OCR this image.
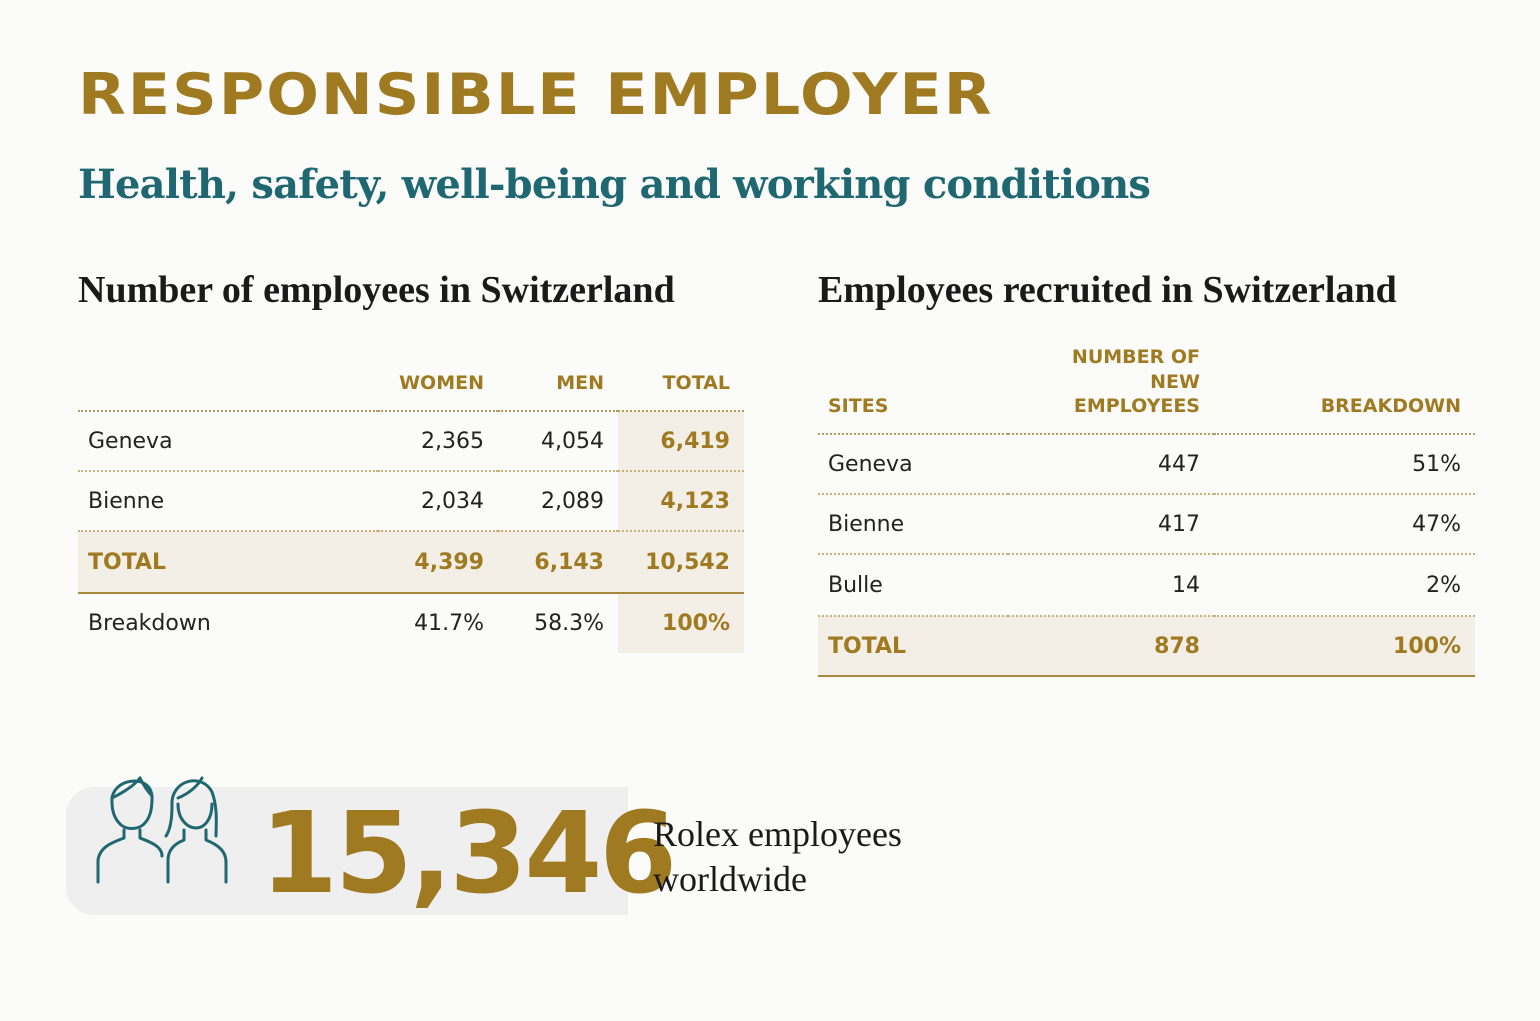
RESPONSIBLE EMPLOYER
Health, safety, well-being and working conditions
Number of employees in Switzerland	Employees recruited in Switzerland
	WOMEN	MEN	TOTAL
Geneva	2,365	4,054	6,419
Bienne	2,034	2,089	4,123
TOTAL	4,399	6,143	10,542
Breakdown	41.7%	58.3%	100%
SITES	NUMBER OF NEW EMPLOYEES	BREAKDOWN
Geneva	447	51%
Bienne	417	47%
Bulle	14	2%
TOTAL	878	100%
15,346
Rolex employees
worldwide
